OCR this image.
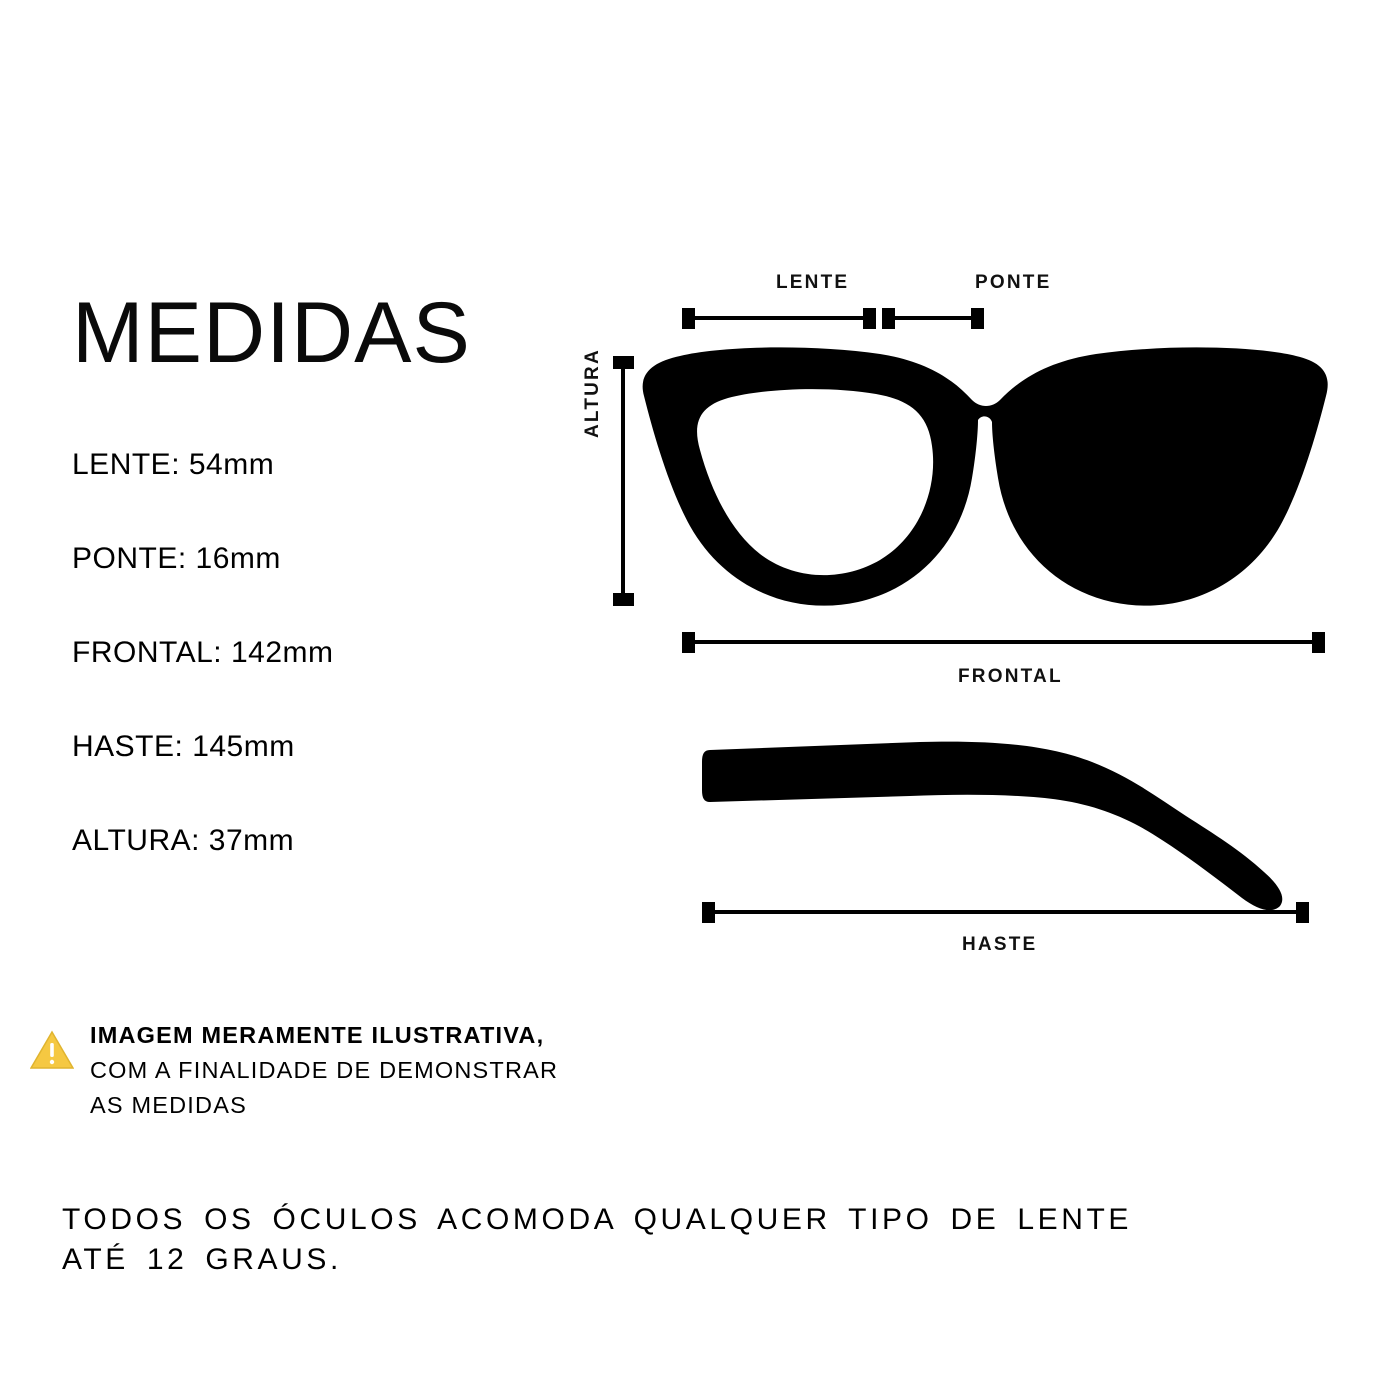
MEDIDAS
LENTE: 54mm
PONTE: 16mm
FRONTAL: 142mm
HASTE: 145mm
ALTURA: 37mm
IMAGEM MERAMENTE ILUSTRATIVA,
COM A FINALIDADE DE DEMONSTRAR
AS MEDIDAS
TODOS OS ÓCULOS ACOMODA QUALQUER TIPO DE LENTE
ATÉ 12 GRAUS.
LENTE	PONTE
ALTURA
FRONTAL
HASTE
